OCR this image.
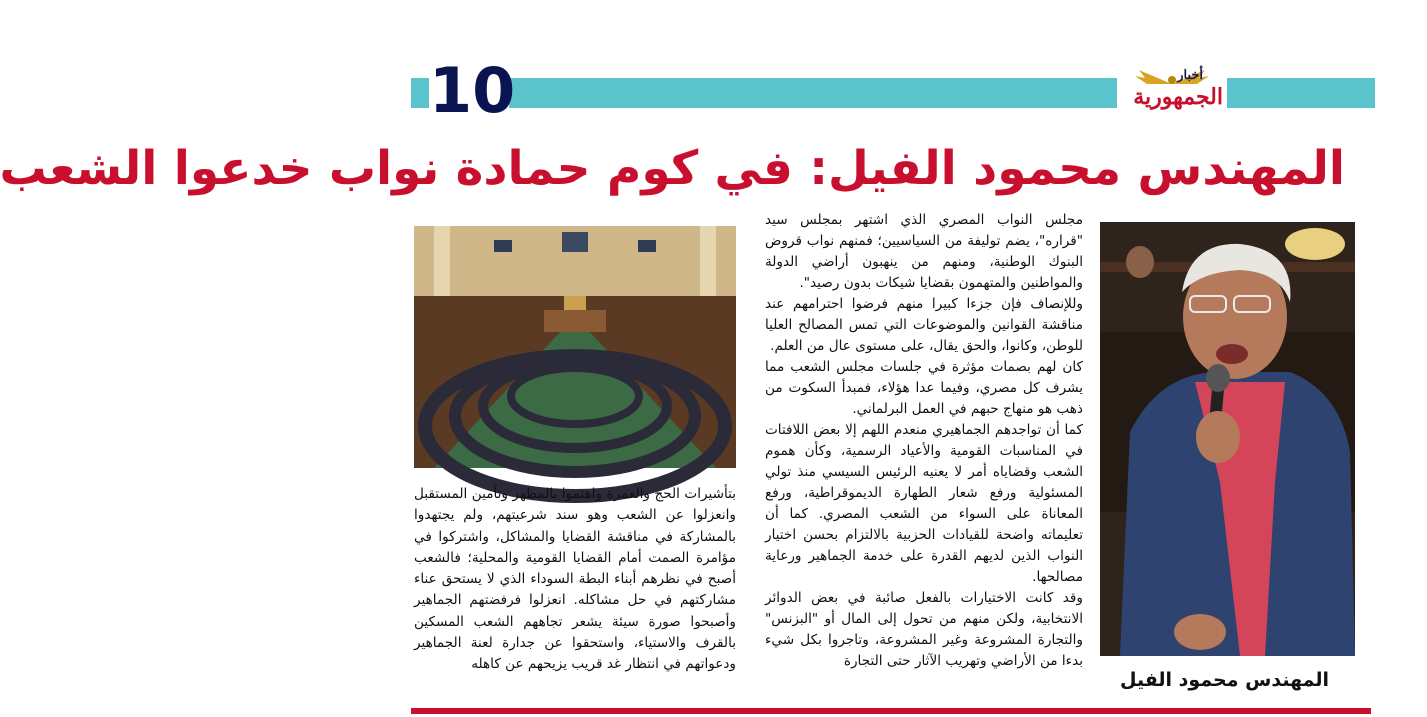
10	أخبار
الجمهورية
المهندس محمود الفيل: في كوم حمادة نواب خدعوا الشعب
المهندس محمود الفيل

مجلس النواب المصري الذي اشتهر بمجلس سيد "قراره"، يضم توليفة من السياسيين؛ فمنهم نواب قروض البنوك الوطنية، ومنهم من ينهبون أراضي الدولة والمواطنين والمتهمون بقضايا شيكات بدون رصيد".

وللإنصاف فإن جزءا كبيرا منهم فرضوا احترامهم عند مناقشة القوانين والموضوعات التي تمس المصالح العليا للوطن، وكانوا، والحق يقال، على مستوى عال من العلم.

كان لهم بصمات مؤثرة في جلسات مجلس الشعب مما يشرف كل مصري، وفيما عدا هؤلاء، فمبدأ السكوت من ذهب هو منهاج حبهم في العمل البرلماني.

كما أن تواجدهم الجماهيري منعدم اللهم إلا بعض اللافتات في المناسبات القومية والأعياد الرسمية، وكأن هموم الشعب وقضاياه أمر لا يعنيه الرئيس السيسي منذ تولي المسئولية ورفع شعار الطهارة الديموقراطية، ورفع المعاناة على السواء من الشعب المصري. كما أن تعليماته واضحة للقيادات الحزبية بالالتزام بحسن اختيار النواب الذين لديهم القدرة على خدمة الجماهير ورعاية مصالحها.

وقد كانت الاختيارات بالفعل صائبة في بعض الدوائر الانتخابية، ولكن منهم من تحول إلى المال أو "البزنس" والتجارة المشروعة وغير المشروعة، وتاجروا بكل شيء بدءا من الأراضي وتهريب الآثار حتى التجارة

بتأشيرات الحج والعمرة واهتموا بالمظهر وتأمين المستقبل وانعزلوا عن الشعب وهو سند شرعيتهم، ولم يجتهدوا بالمشاركة في مناقشة القضايا والمشاكل، واشتركوا في مؤامرة الصمت أمام القضايا القومية والمحلية؛ فالشعب أصبح في نظرهم أبناء البطة السوداء الذي لا يستحق عناء مشاركتهم في حل مشاكله. انعزلوا فرفضتهم الجماهير وأصبحوا صورة سيئة يشعر تجاههم الشعب المسكين بالقرف والاستياء، واستحقوا عن جدارة لعنة الجماهير ودعواتهم في انتظار غد قريب يزيحهم عن كاهله
